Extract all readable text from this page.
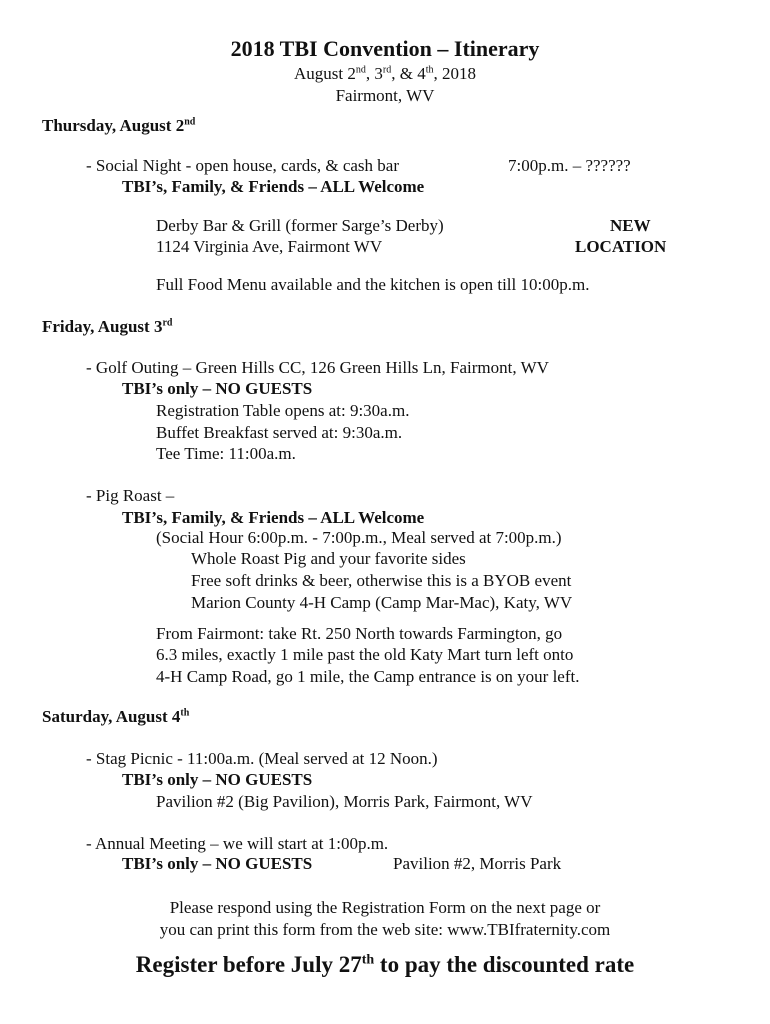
2018 TBI Convention – Itinerary
August 2nd, 3rd, & 4th, 2018
Fairmont, WV
Thursday, August 2nd
- Social Night - open house, cards, & cash bar	7:00p.m. – ??????
TBI’s, Family, & Friends – ALL Welcome
Derby Bar & Grill (former Sarge’s Derby)
1124 Virginia Ave, Fairmont WV
NEW
LOCATION
Full Food Menu available and the kitchen is open till 10:00p.m.
Friday, August 3rd
- Golf Outing – Green Hills CC, 126 Green Hills Ln, Fairmont, WV
TBI’s only – NO GUESTS
Registration Table opens at: 9:30a.m.
Buffet Breakfast served at: 9:30a.m.
Tee Time: 11:00a.m.
- Pig Roast –
TBI’s, Family, & Friends – ALL Welcome
(Social Hour 6:00p.m. - 7:00p.m., Meal served at 7:00p.m.)
Whole Roast Pig and your favorite sides
Free soft drinks & beer, otherwise this is a BYOB event
Marion County 4-H Camp (Camp Mar-Mac), Katy, WV
From Fairmont: take Rt. 250 North towards Farmington, go
6.3 miles, exactly 1 mile past the old Katy Mart turn left onto
4-H Camp Road, go 1 mile, the Camp entrance is on your left.
Saturday, August 4th
- Stag Picnic - 11:00a.m. (Meal served at 12 Noon.)
TBI’s only – NO GUESTS
Pavilion #2 (Big Pavilion), Morris Park, Fairmont, WV
- Annual Meeting – we will start at 1:00p.m.
TBI’s only – NO GUESTS	Pavilion #2, Morris Park
Please respond using the Registration Form on the next page or
you can print this form from the web site: www.TBIfraternity.com
Register before July 27th to pay the discounted rate
